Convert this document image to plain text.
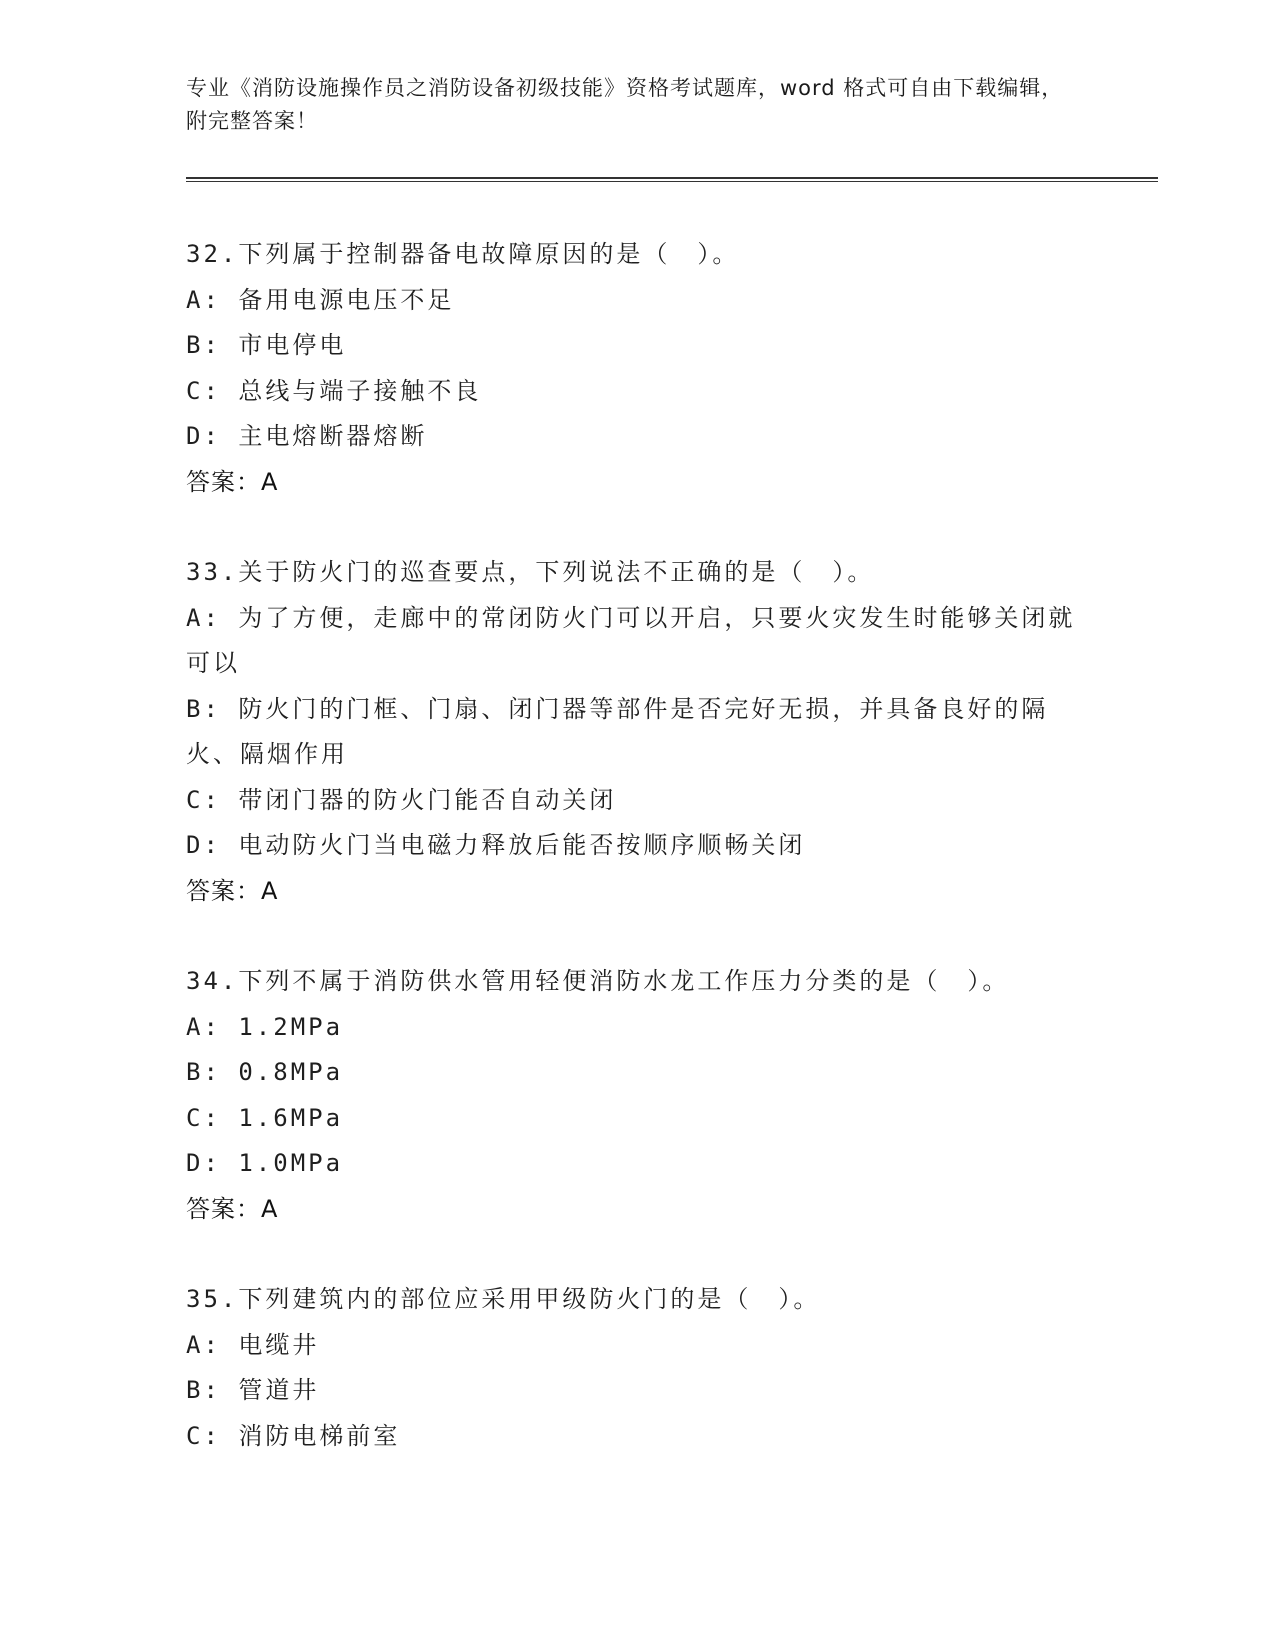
专业《消防设施操作员之消防设备初级技能》资格考试题库，word 格式可自由下载编辑，附完整答案！

32.下列属于控制器备电故障原因的是（　）。

A: 备用电源电压不足

B: 市电停电

C: 总线与端子接触不良

D: 主电熔断器熔断

答案：A

33.关于防火门的巡查要点，下列说法不正确的是（　）。

A: 为了方便，走廊中的常闭防火门可以开启，只要火灾发生时能够关闭就可以

B: 防火门的门框、门扇、闭门器等部件是否完好无损，并具备良好的隔火、隔烟作用

C: 带闭门器的防火门能否自动关闭

D: 电动防火门当电磁力释放后能否按顺序顺畅关闭

答案：A

34.下列不属于消防供水管用轻便消防水龙工作压力分类的是（　）。

A: 1.2MPa

B: 0.8MPa

C: 1.6MPa

D: 1.0MPa

答案：A

35.下列建筑内的部位应采用甲级防火门的是（　）。

A: 电缆井

B: 管道井

C: 消防电梯前室
